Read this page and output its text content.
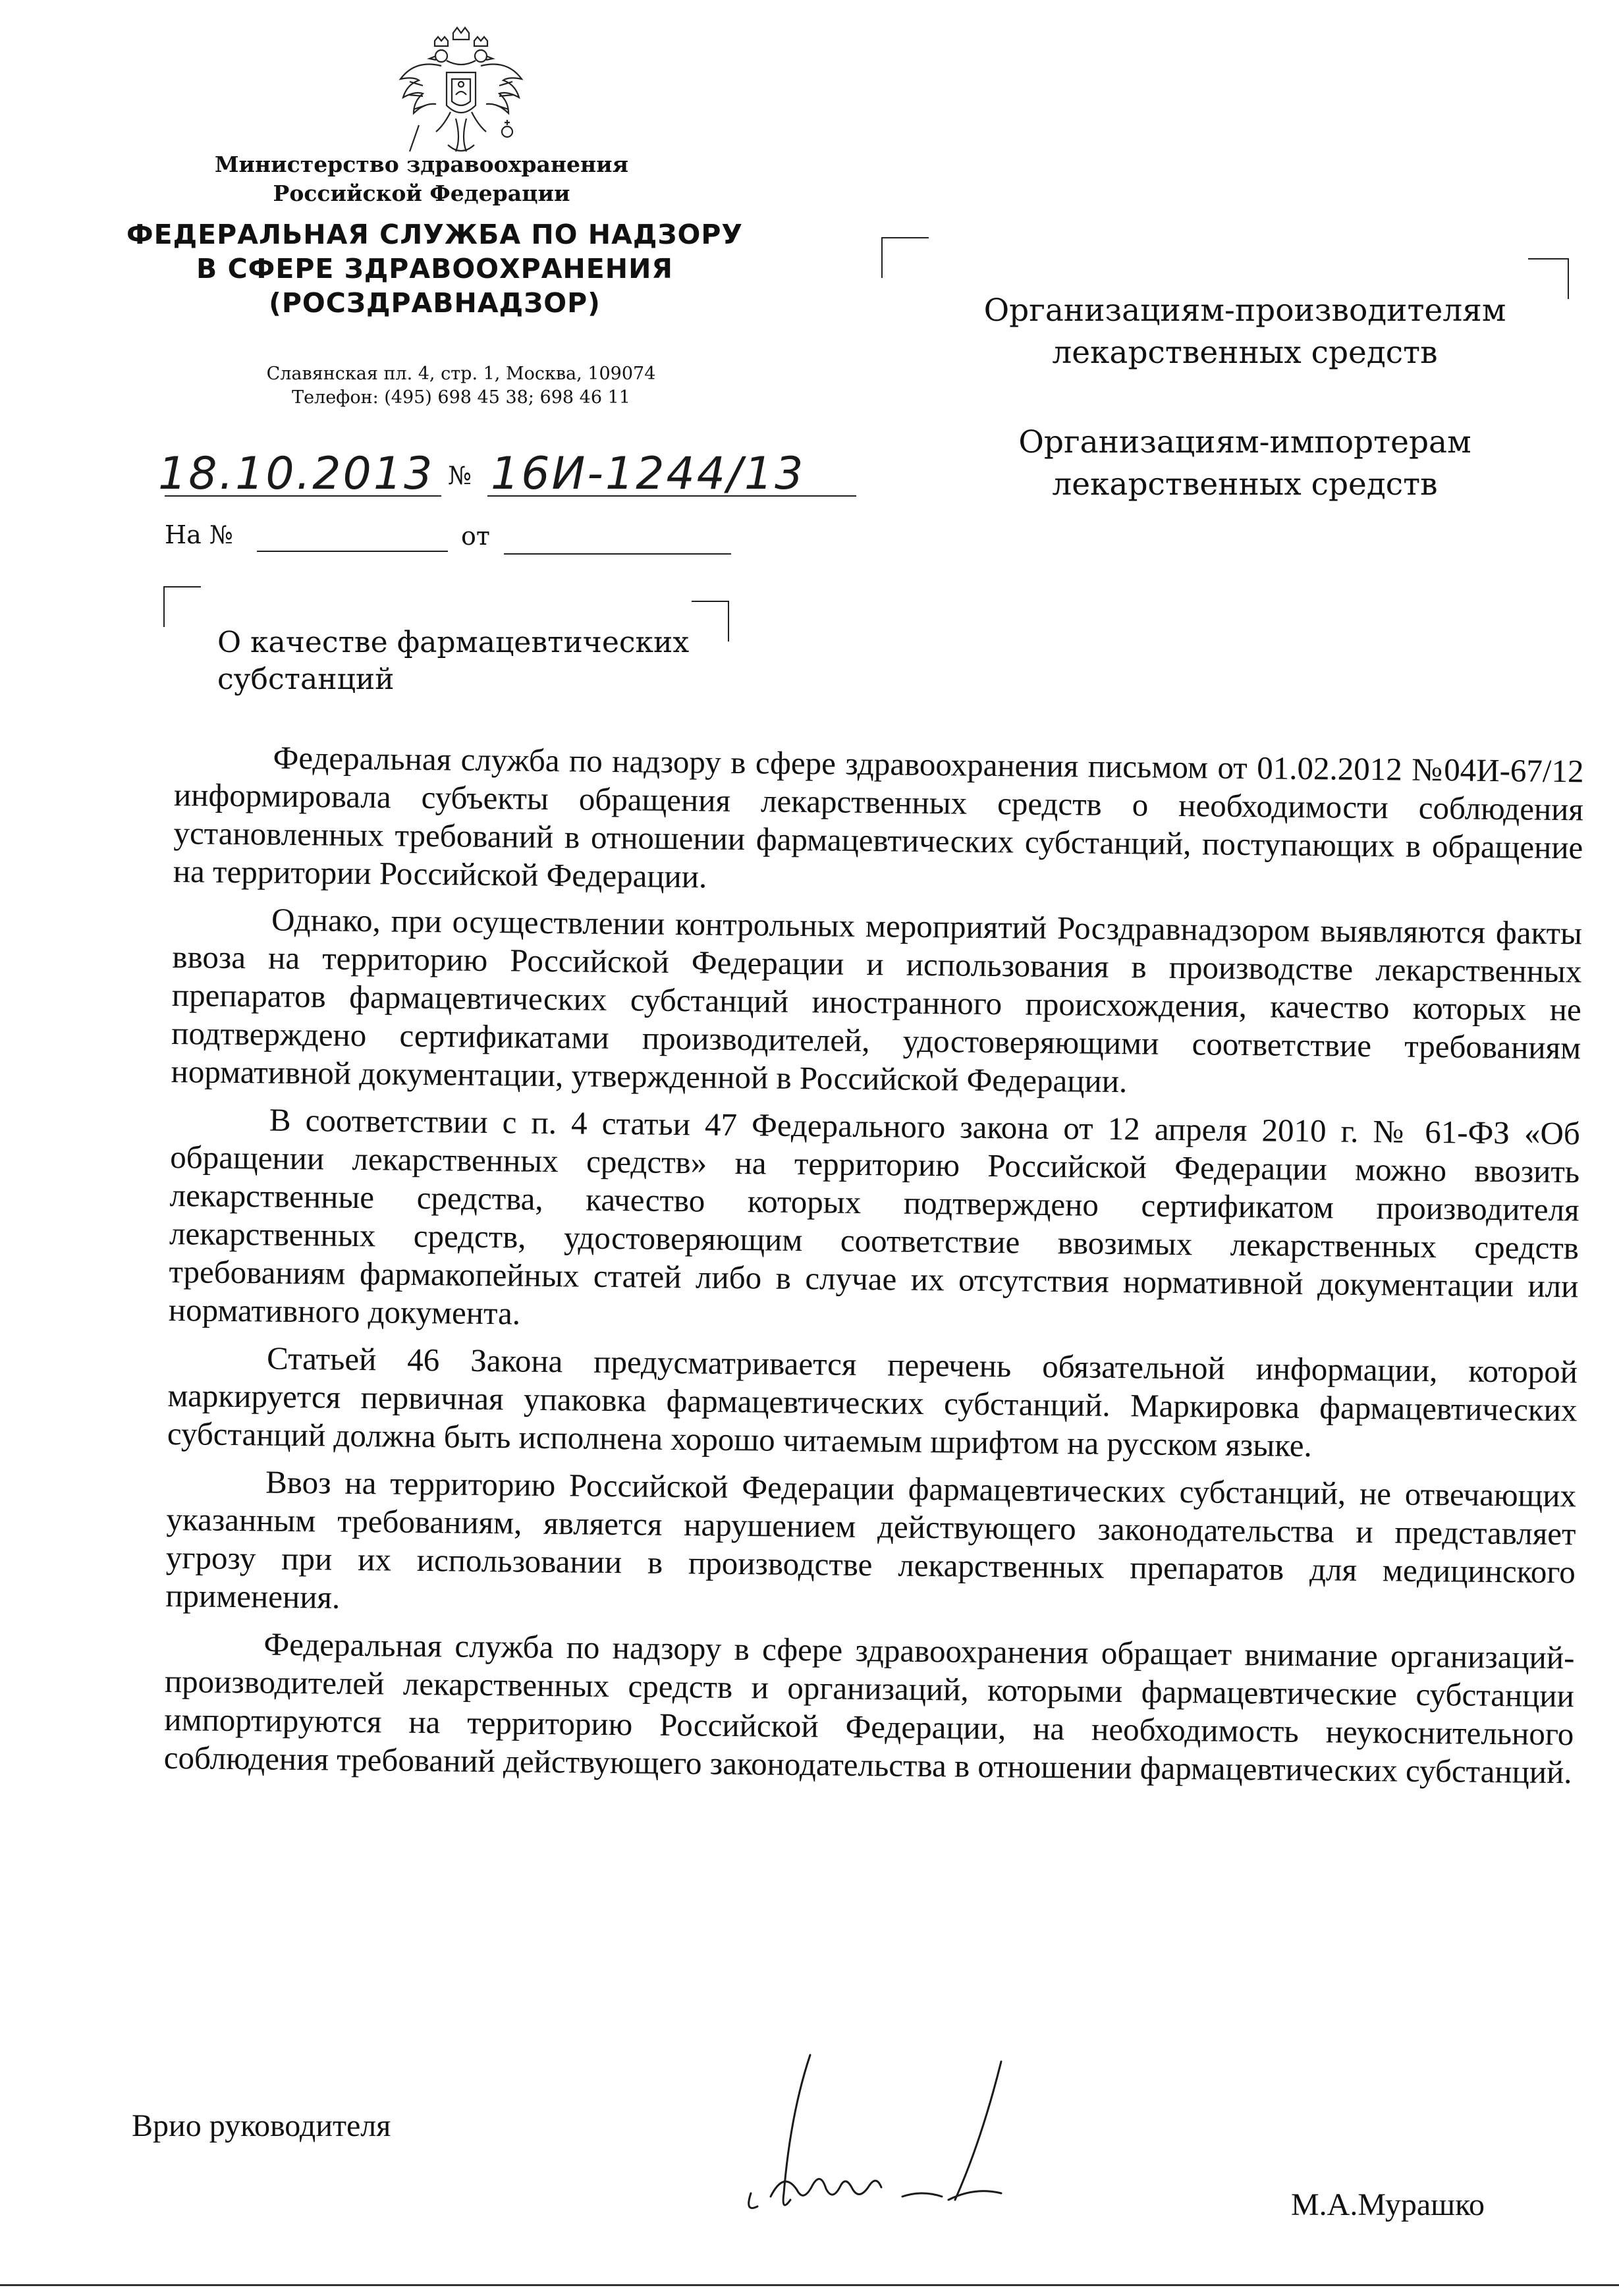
Министерство здравоохранения
Российской Федерации
ФЕДЕРАЛЬНАЯ СЛУЖБА ПО НАДЗОРУ
В СФЕРЕ ЗДРАВООХРАНЕНИЯ
(РОСЗДРАВНАДЗОР)
Славянская пл. 4, стр. 1, Москва, 109074
Телефон: (495) 698 45 38; 698 46 11

Организациям-производителям
лекарственных средств

Организациям-импортерам
лекарственных средств

18.10.2013 № 16И-1244/13
На №	от
О качестве фармацевтических
субстанций

Федеральная служба по надзору в сфере здравоохранения письмом от 01.02.2012 №04И-67/12 информировала субъекты обращения лекарственных средств о необходимости соблюдения установленных требований в отношении фармацевтических субстанций, поступающих в обращение на территории Российской Федерации.

Однако, при осуществлении контрольных мероприятий Росздравнадзором выявляются факты ввоза на территорию Российской Федерации и использования в производстве лекарственных препаратов фармацевтических субстанций иностранного происхождения, качество которых не подтверждено сертификатами производителей, удостоверяющими соответствие требованиям нормативной документации, утвержденной в Российской Федерации.

В соответствии с п. 4 статьи 47 Федерального закона от 12 апреля 2010 г. № 61-ФЗ «Об обращении лекарственных средств» на территорию Российской Федерации можно ввозить лекарственные средства, качество которых подтверждено сертификатом производителя лекарственных средств, удостоверяющим соответствие ввозимых лекарственных средств требованиям фармакопейных статей либо в случае их отсутствия нормативной документации или нормативного документа.

Статьей 46 Закона предусматривается перечень обязательной информации, которой маркируется первичная упаковка фармацевтических субстанций. Маркировка фармацевтических субстанций должна быть исполнена хорошо читаемым шрифтом на русском языке.

Ввоз на территорию Российской Федерации фармацевтических субстанций, не отвечающих указанным требованиям, является нарушением действующего законодательства и представляет угрозу при их использовании в производстве лекарственных препаратов для медицинского применения.

Федеральная служба по надзору в сфере здравоохранения обращает внимание организаций-производителей лекарственных средств и организаций, которыми фармацевтические субстанции импортируются на территорию Российской Федерации, на необходимость неукоснительного соблюдения требований действующего законодательства в отношении фармацевтических субстанций.

Врио руководителя
М.А.Мурашко
